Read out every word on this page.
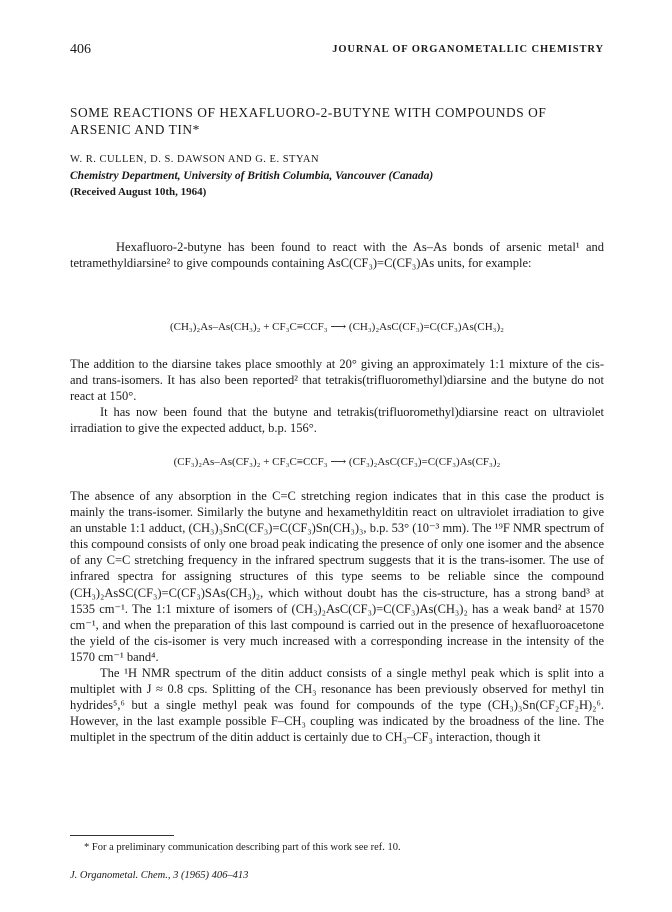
406	JOURNAL OF ORGANOMETALLIC CHEMISTRY
SOME REACTIONS OF HEXAFLUORO-2-BUTYNE WITH COMPOUNDS OF ARSENIC AND TIN*
W. R. CULLEN, D. S. DAWSON AND G. E. STYAN
Chemistry Department, University of British Columbia, Vancouver (Canada)
(Received August 10th, 1964)

Hexafluoro-2-butyne has been found to react with the As–As bonds of arsenic metal¹ and tetramethyldiarsine² to give compounds containing AsC(CF₃)=C(CF₃)As units, for example:

(CH₃)₂As–As(CH₃)₂ + CF₃C≡CCF₃ ⟶ (CH₃)₂AsC(CF₃)=C(CF₃)As(CH₃)₂

The addition to the diarsine takes place smoothly at 20° giving an approximately 1:1 mixture of the cis- and trans-isomers. It has also been reported² that tetrakis(trifluoromethyl)diarsine and the butyne do not react at 150°.

It has now been found that the butyne and tetrakis(trifluoromethyl)diarsine react on ultraviolet irradiation to give the expected adduct, b.p. 156°.

(CF₃)₂As–As(CF₃)₂ + CF₃C≡CCF₃ ⟶ (CF₃)₂AsC(CF₃)=C(CF₃)As(CF₃)₂

The absence of any absorption in the C=C stretching region indicates that in this case the product is mainly the trans-isomer. Similarly the butyne and hexamethylditin react on ultraviolet irradiation to give an unstable 1:1 adduct, (CH₃)₃SnC(CF₃)=C(CF₃)Sn(CH₃)₃, b.p. 53° (10⁻³ mm). The ¹⁹F NMR spectrum of this compound consists of only one broad peak indicating the presence of only one isomer and the absence of any C=C stretching frequency in the infrared spectrum suggests that it is the trans-isomer. The use of infrared spectra for assigning structures of this type seems to be reliable since the compound (CH₃)₂AsSC(CF₃)=C(CF₃)SAs(CH₃)₂, which without doubt has the cis-structure, has a strong band³ at 1535 cm⁻¹. The 1:1 mixture of isomers of (CH₃)₂AsC(CF₃)=C(CF₃)As(CH₃)₂ has a weak band² at 1570 cm⁻¹, and when the preparation of this last compound is carried out in the presence of hexafluoroacetone the yield of the cis-isomer is very much increased with a corresponding increase in the intensity of the 1570 cm⁻¹ band⁴.

The ¹H NMR spectrum of the ditin adduct consists of a single methyl peak which is split into a multiplet with J ≈ 0.8 cps. Splitting of the CH₃ resonance has been previously observed for methyl tin hydrides⁵,⁶ but a single methyl peak was found for compounds of the type (CH₃)₃Sn(CF₂CF₂H)₂⁶. However, in the last example possible F–CH₃ coupling was indicated by the broadness of the line. The multiplet in the spectrum of the ditin adduct is certainly due to CH₃–CF₃ interaction, though it

* For a preliminary communication describing part of this work see ref. 10.
J. Organometal. Chem., 3 (1965) 406–413
